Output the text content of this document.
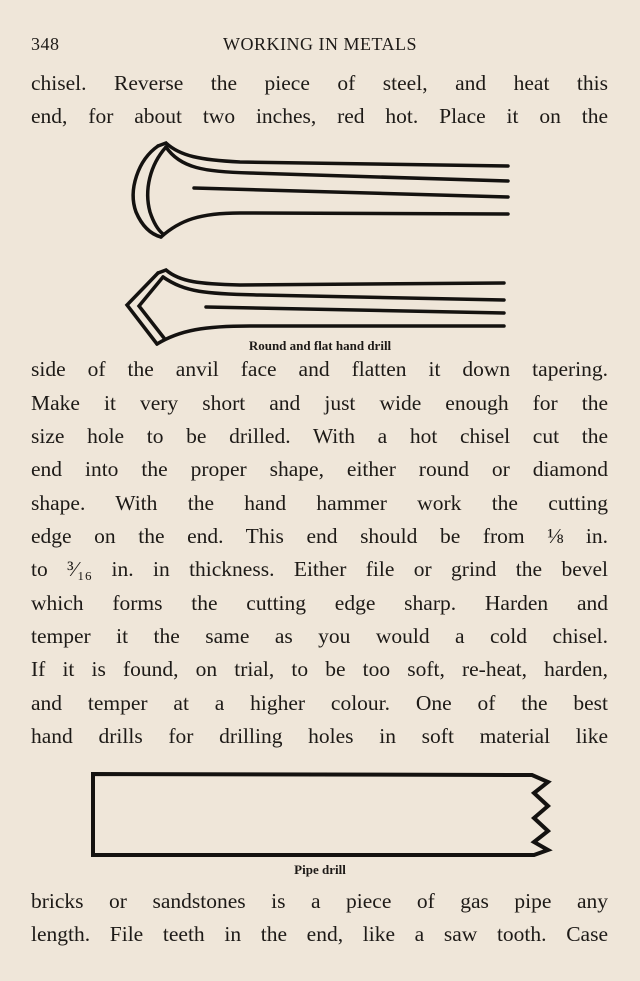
348	WORKING IN METALS
chisel. Reverse the piece of steel, and heat this
end, for about two inches, red hot. Place it on the
Round and flat hand drill
side of the anvil face and flatten it down tapering.
Make it very short and just wide enough for the
size hole to be drilled. With a hot chisel cut the
end into the proper shape, either round or diamond
shape. With the hand hammer work the cutting
edge on the end. This end should be from ⅛ in.
to ³⁄₁₆ in. in thickness. Either file or grind the bevel
which forms the cutting edge sharp. Harden and
temper it the same as you would a cold chisel.
If it is found, on trial, to be too soft, re-heat, harden,
and temper at a higher colour. One of the best
hand drills for drilling holes in soft material like
Pipe drill
bricks or sandstones is a piece of gas pipe any
length. File teeth in the end, like a saw tooth. Case
